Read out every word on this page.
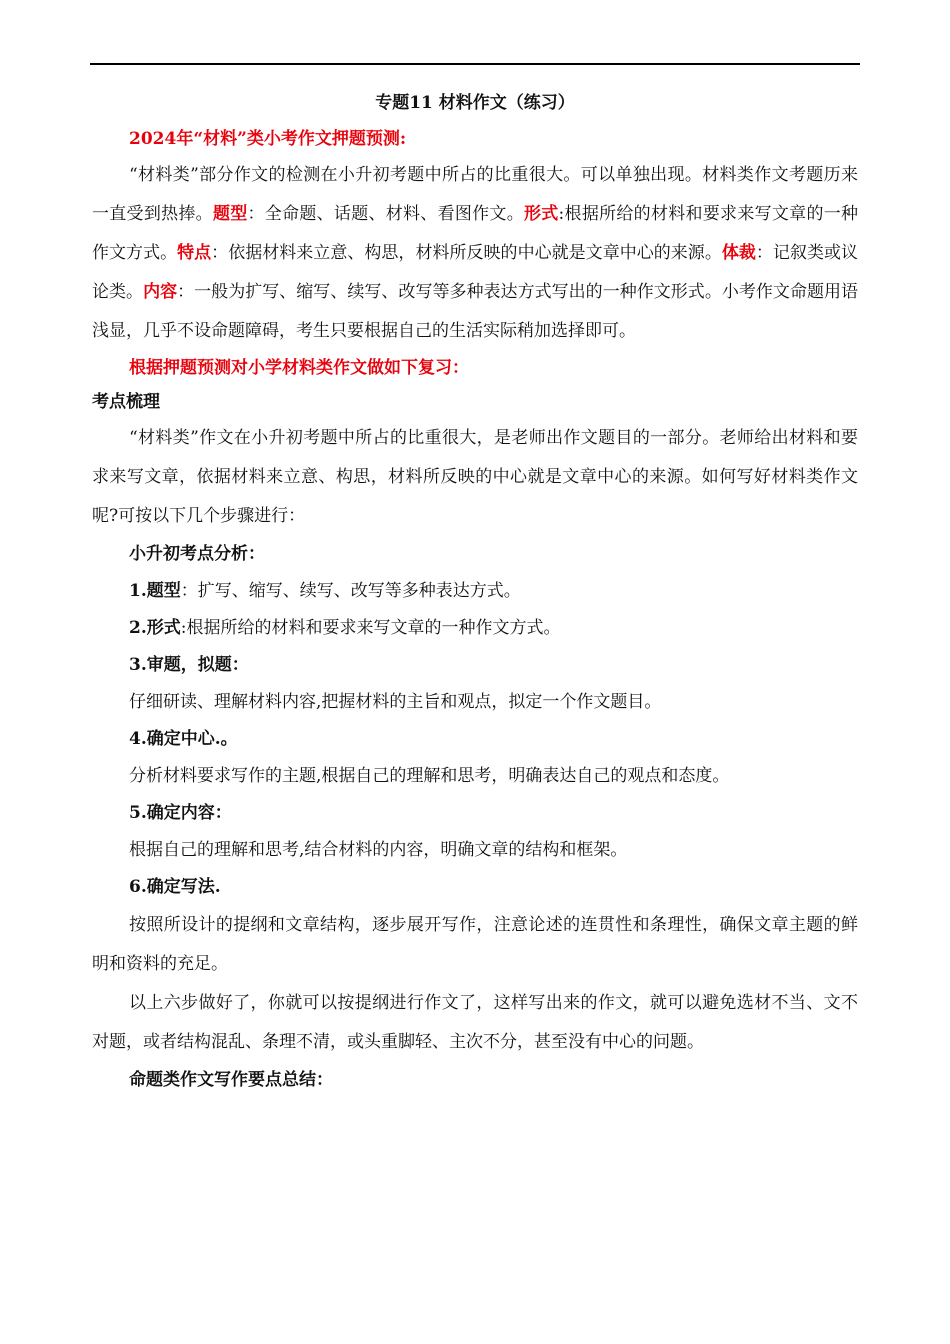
专题11 材料作文（练习）
2024年“材料”类小考作文押题预测:

“材料类”部分作文的检测在小升初考题中所占的比重很大。可以单独出现。材料类作文考题历来一直受到热捧。题型：全命题、话题、材料、看图作文。形式:根据所给的材料和要求来写文章的一种作文方式。特点：依据材料来立意、构思，材料所反映的中心就是文章中心的来源。体裁：记叙类或议论类。内容：一般为扩写、缩写、续写、改写等多种表达方式写出的一种作文形式。小考作文命题用语浅显，几乎不设命题障碍，考生只要根据自己的生活实际稍加选择即可。

根据押题预测对小学材料类作文做如下复习：
考点梳理

“材料类”作文在小升初考题中所占的比重很大，是老师出作文题目的一部分。老师给出材料和要求来写文章，依据材料来立意、构思，材料所反映的中心就是文章中心的来源。如何写好材料类作文呢?可按以下几个步骤进行：

小升初考点分析：
1.题型：扩写、缩写、续写、改写等多种表达方式。
2.形式:根据所给的材料和要求来写文章的一种作文方式。
3.审题，拟题：
仔细研读、理解材料内容,把握材料的主旨和观点，拟定一个作文题目。
4.确定中心.。
分析材料要求写作的主题,根据自己的理解和思考，明确表达自己的观点和态度。
5.确定内容：
根据自己的理解和思考,结合材料的内容，明确文章的结构和框架。
6.确定写法.

按照所设计的提纲和文章结构，逐步展开写作，注意论述的连贯性和条理性，确保文章主题的鲜明和资料的充足。

以上六步做好了，你就可以按提纲进行作文了，这样写出来的作文，就可以避免选材不当、文不对题，或者结构混乱、条理不清，或头重脚轻、主次不分，甚至没有中心的问题。

命题类作文写作要点总结：
